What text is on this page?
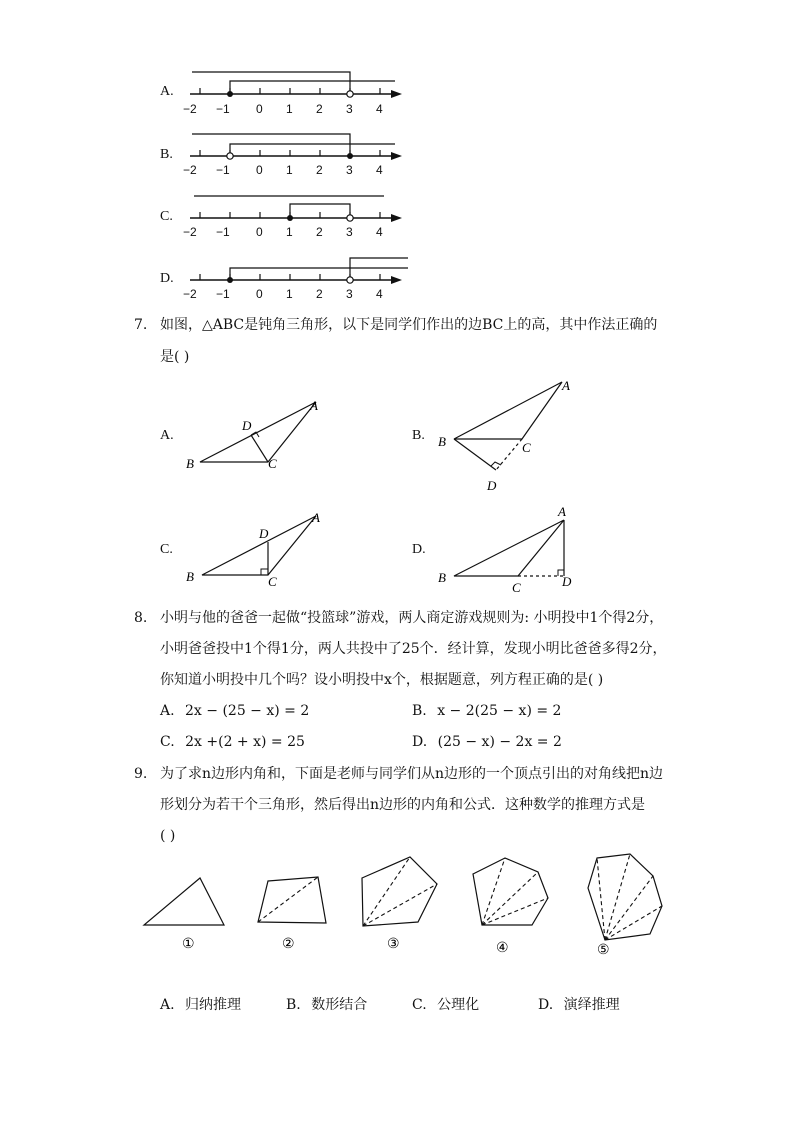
A.
−2 −1 0 1 2 3 4
B.
−2 −1 0 1 2 3 4
C.
−2 −1 0 1 2 3 4
D.
−2 −1 0 1 2 3 4
7. 如图，△ABC是钝角三角形，以下是同学们作出的边BC上的高，其中作法正确的
是( )
A.
A
B	C
D
B.
A
B	C
D
C.
A
B	C
D
D.
A
B
C	D
8. 小明与他的爸爸一起做“投篮球”游戏，两人商定游戏规则为: 小明投中1个得2分，
小明爸爸投中1个得1分，两人共投中了25个．经计算，发现小明比爸爸多得2分，
你知道小明投中几个吗？设小明投中x个，根据题意，列方程正确的是( )
A. 2x − (25 − x) = 2	B. x − 2(25 − x) = 2
C. 2x +(2 + x) = 25	D. (25 − x) − 2x = 2
9. 为了求n边形内角和，下面是老师与同学们从n边形的一个顶点引出的对角线把n边
形划分为若干个三角形，然后得出n边形的内角和公式．这种数学的推理方式是
( )
①	②	③	④	⑤
A. 归纳推理	B. 数形结合	C. 公理化	D. 演绎推理
